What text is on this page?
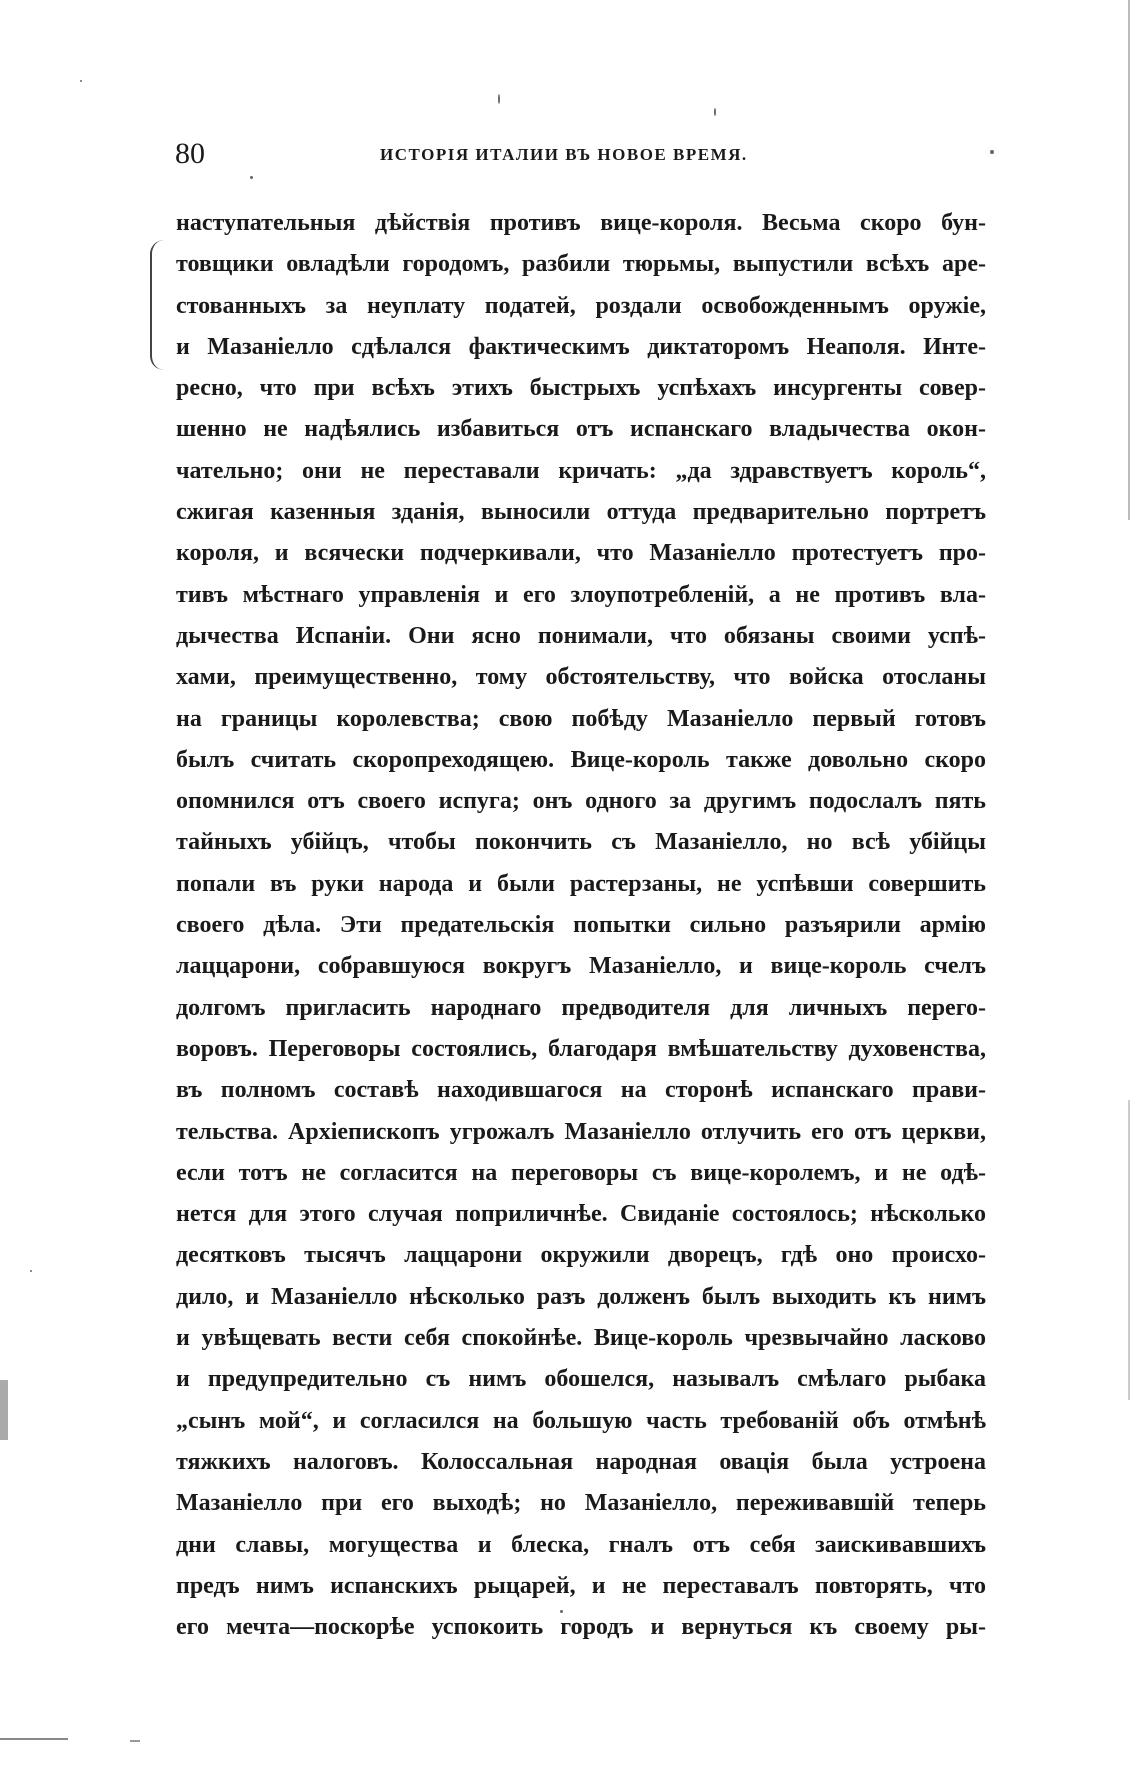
80	ИСТОРІЯ ИТАЛИИ ВЪ НОВОЕ ВРЕМЯ.
наступательныя дѣйствія противъ вице-короля. Весьма скоро бун-
товщики овладѣли городомъ, разбили тюрьмы, выпустили всѣхъ аре-
стованныхъ за неуплату податей, роздали освобожденнымъ оружіе,
и Мазаніелло сдѣлался фактическимъ диктаторомъ Неаполя. Инте-
ресно, что при всѣхъ этихъ быстрыхъ успѣхахъ инсургенты совер-
шенно не надѣялись избавиться отъ испанскаго владычества окон-
чательно; они не переставали кричать: „да здравствуетъ король“,
сжигая казенныя зданія, выносили оттуда предварительно портретъ
короля, и всячески подчеркивали, что Мазаніелло протестуетъ про-
тивъ мѣстнаго управленія и его злоупотребленій, а не противъ вла-
дычества Испаніи. Они ясно понимали, что обязаны своими успѣ-
хами, преимущественно, тому обстоятельству, что войска отосланы
на границы королевства; свою побѣду Мазаніелло первый готовъ
былъ считать скоропреходящею. Вице-король также довольно скоро
опомнился отъ своего испуга; онъ одного за другимъ подослалъ пять
тайныхъ убійцъ, чтобы покончить съ Мазаніелло, но всѣ убійцы
попали въ руки народа и были растерзаны, не успѣвши совершить
своего дѣла. Эти предательскія попытки сильно разъярили армію
лаццарони, собравшуюся вокругъ Мазаніелло, и вице-король счелъ
долгомъ пригласить народнаго предводителя для личныхъ перего-
воровъ. Переговоры состоялись, благодаря вмѣшательству духовенства,
въ полномъ составѣ находившагося на сторонѣ испанскаго прави-
тельства. Архіепископъ угрожалъ Мазаніелло отлучить его отъ церкви,
если тотъ не согласится на переговоры съ вице-королемъ, и не одѣ-
нется для этого случая поприличнѣе. Свиданіе состоялось; нѣсколько
десятковъ тысячъ лаццарони окружили дворецъ, гдѣ оно происхо-
дило, и Мазаніелло нѣсколько разъ долженъ былъ выходить къ нимъ
и увѣщевать вести себя спокойнѣе. Вице-король чрезвычайно ласково
и предупредительно съ нимъ обошелся, называлъ смѣлаго рыбака
„сынъ мой“, и согласился на большую часть требованій объ отмѣнѣ
тяжкихъ налоговъ. Колоссальная народная овація была устроена
Мазаніелло при его выходѣ; но Мазаніелло, переживавшій теперь
дни славы, могущества и блеска, гналъ отъ себя заискивавшихъ
предъ нимъ испанскихъ рыцарей, и не переставалъ повторять, что
его мечта—поскорѣе успокоить городъ и вернуться къ своему ры-
